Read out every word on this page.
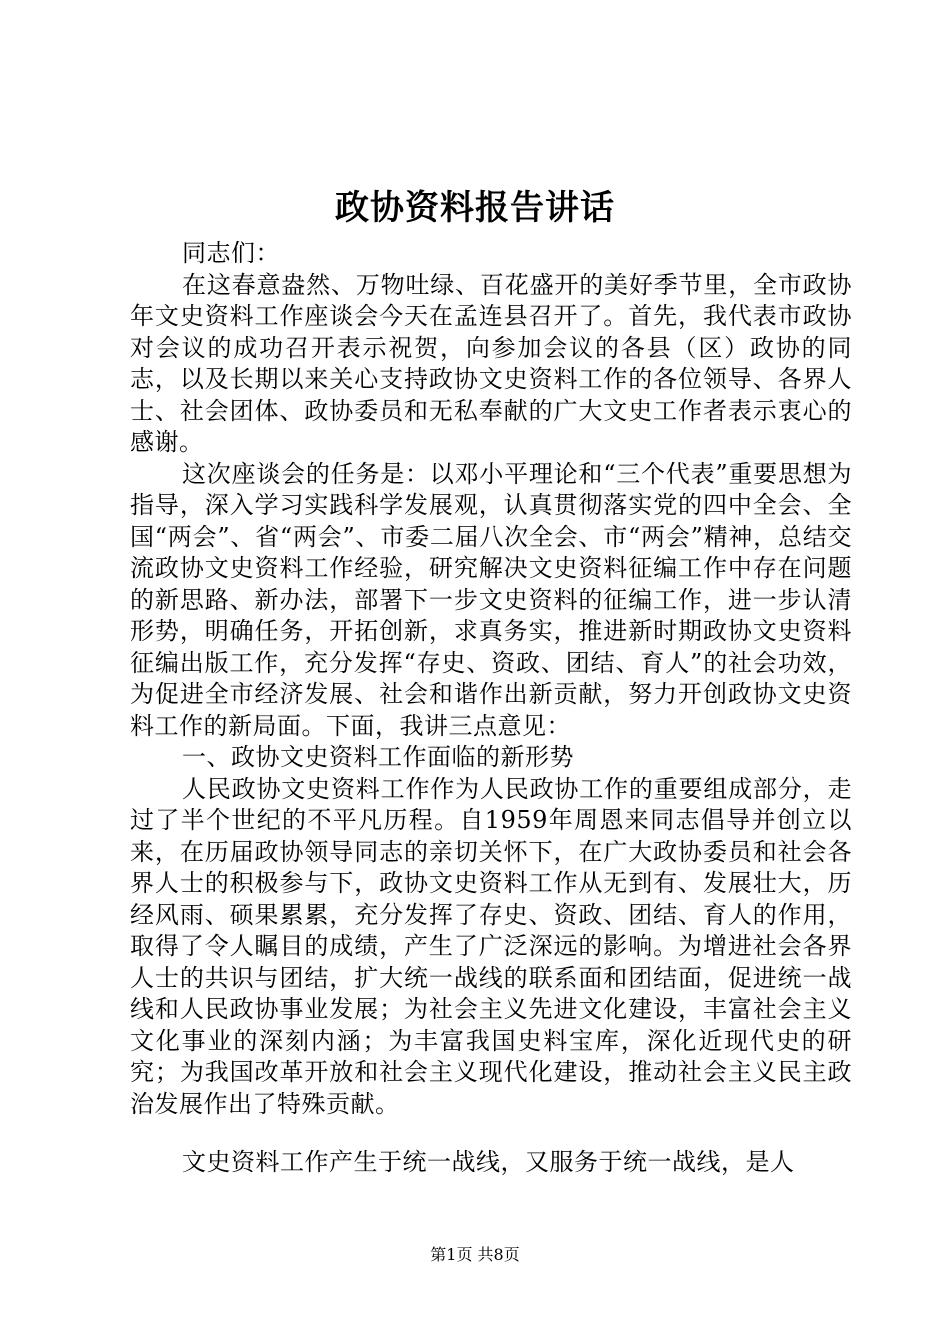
政协资料报告讲话

同志们：

在这春意盎然、万物吐绿、百花盛开的美好季节里，全市政协年文史资料工作座谈会今天在孟连县召开了。首先，我代表市政协对会议的成功召开表示祝贺，向参加会议的各县（区）政协的同志，以及长期以来关心支持政协文史资料工作的各位领导、各界人士、社会团体、政协委员和无私奉献的广大文史工作者表示衷心的感谢。

这次座谈会的任务是：以邓小平理论和“三个代表”重要思想为指导，深入学习实践科学发展观，认真贯彻落实党的四中全会、全国“两会”、省“两会”、市委二届八次全会、市“两会”精神，总结交流政协文史资料工作经验，研究解决文史资料征编工作中存在问题的新思路、新办法，部署下一步文史资料的征编工作，进一步认清形势，明确任务，开拓创新，求真务实，推进新时期政协文史资料征编出版工作，充分发挥“存史、资政、团结、育人”的社会功效，为促进全市经济发展、社会和谐作出新贡献，努力开创政协文史资料工作的新局面。下面，我讲三点意见：

一、政协文史资料工作面临的新形势

人民政协文史资料工作作为人民政协工作的重要组成部分，走过了半个世纪的不平凡历程。自1959年周恩来同志倡导并创立以来，在历届政协领导同志的亲切关怀下，在广大政协委员和社会各界人士的积极参与下，政协文史资料工作从无到有、发展壮大，历经风雨、硕果累累，充分发挥了存史、资政、团结、育人的作用，取得了令人瞩目的成绩，产生了广泛深远的影响。为增进社会各界人士的共识与团结，扩大统一战线的联系面和团结面，促进统一战线和人民政协事业发展；为社会主义先进文化建设，丰富社会主义文化事业的深刻内涵；为丰富我国史料宝库，深化近现代史的研究；为我国改革开放和社会主义现代化建设，推动社会主义民主政治发展作出了特殊贡献。

文史资料工作产生于统一战线，又服务于统一战线，是人

第1页 共8页
